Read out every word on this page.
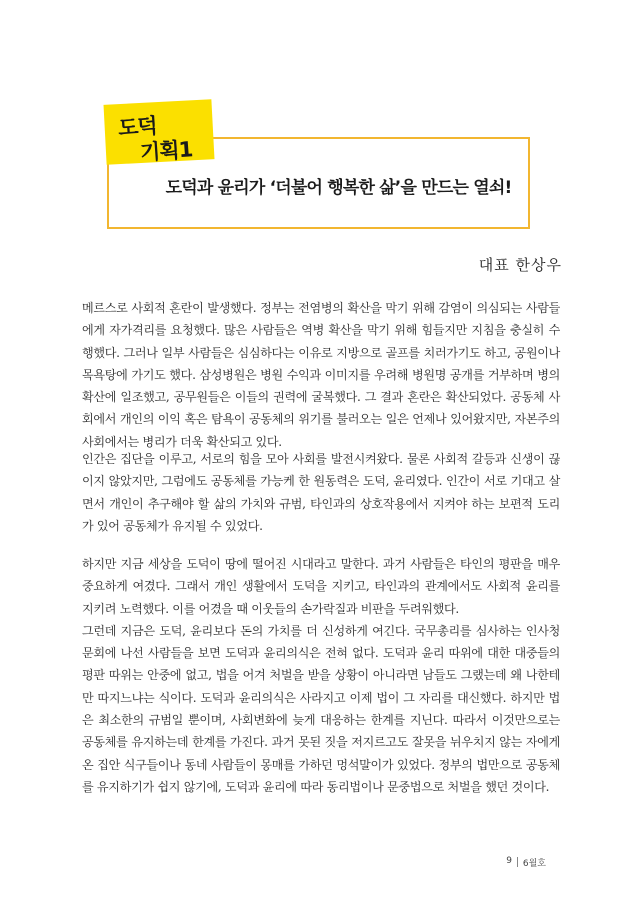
도덕
기획1
도덕과 윤리가 ‘더불어 행복한 삶’을 만드는 열쇠!
대표 한상우

메르스로 사회적 혼란이 발생했다. 정부는 전염병의 확산을 막기 위해 감염이 의심되는 사람들에게 자가격리를 요청했다. 많은 사람들은 역병 확산을 막기 위해 힘들지만 지침을 충실히 수행했다. 그러나 일부 사람들은 심심하다는 이유로 지방으로 골프를 치러가기도 하고, 공원이나 목욕탕에 가기도 했다. 삼성병원은 병원 수익과 이미지를 우려해 병원명 공개를 거부하며 병의 확산에 일조했고, 공무원들은 이들의 권력에 굴복했다. 그 결과 혼란은 확산되었다. 공동체 사회에서 개인의 이익 혹은 탐욕이 공동체의 위기를 불러오는 일은 언제나 있어왔지만, 자본주의 사회에서는 병리가 더욱 확산되고 있다.

인간은 집단을 이루고, 서로의 힘을 모아 사회를 발전시켜왔다. 물론 사회적 갈등과 신생이 끊이지 않았지만, 그럼에도 공동체를 가능케 한 원동력은 도덕, 윤리였다. 인간이 서로 기대고 살면서 개인이 추구해야 할 삶의 가치와 규범, 타인과의 상호작용에서 지켜야 하는 보편적 도리가 있어 공동체가 유지될 수 있었다.

하지만 지금 세상을 도덕이 땅에 떨어진 시대라고 말한다. 과거 사람들은 타인의 평판을 매우 중요하게 여겼다. 그래서 개인 생활에서 도덕을 지키고, 타인과의 관계에서도 사회적 윤리를 지키려 노력했다. 이를 어겼을 때 이웃들의 손가락질과 비판을 두려워했다.

그런데 지금은 도덕, 윤리보다 돈의 가치를 더 신성하게 여긴다. 국무총리를 심사하는 인사청문회에 나선 사람들을 보면 도덕과 윤리의식은 전혀 없다. 도덕과 윤리 따위에 대한 대중들의 평판 따위는 안중에 없고, 법을 어겨 처벌을 받을 상황이 아니라면 남들도 그랬는데 왜 나한테만 따지느냐는 식이다. 도덕과 윤리의식은 사라지고 이제 법이 그 자리를 대신했다. 하지만 법은 최소한의 규범일 뿐이며, 사회변화에 늦게 대응하는 한계를 지닌다. 따라서 이것만으로는 공동체를 유지하는데 한계를 가진다. 과거 못된 짓을 저지르고도 잘못을 뉘우치지 않는 자에게 온 집안 식구들이나 동네 사람들이 몽매를 가하던 멍석말이가 있었다. 정부의 법만으로 공동체를 유지하기가 쉽지 않기에, 도덕과 윤리에 따라 동리법이나 문중법으로 처벌을 했던 것이다.

9 6월호
